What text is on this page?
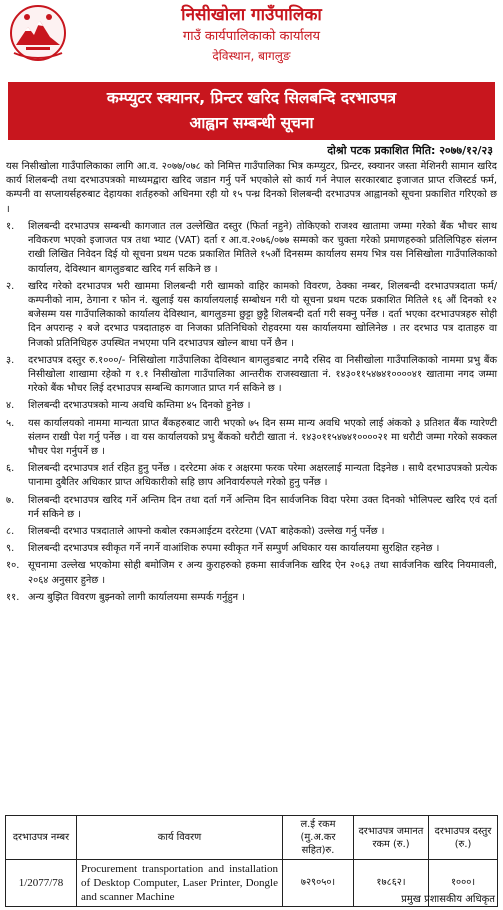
निसीखोला गाउँपालिका
गाउँ कार्यपालिकाको कार्यालय
देविस्थान, बागलुङ
कम्प्युटर स्क्यानर, प्रिन्टर खरिद सिलबन्दि दरभाउपत्र
आह्वान सम्बन्धी सूचना
दोश्रो पटक प्रकाशित मिति: २०७७/१२/२३

यस निसीखोला गाउँपालिकाका लागि आ.व. २०७७/०७८ को निमित्त गाउँपालिका भित्र कम्प्युटर, प्रिन्टर, स्क्यानर जस्ता मेशिनरी सामान खरिद कार्य शिलबन्दी तथा दरभाउपत्रको माध्यमद्वारा खरिद जडान गर्नु पर्ने भएकोले सो कार्य गर्न नेपाल सरकारबाट इजाजत प्राप्त रजिस्टर्ड फर्म, कम्पनी वा सप्लायर्सहरुबाट देहायका शर्तहरुको अधिनमा रही यो १५ पन्ध्र दिनको शिलबन्दी दरभाउपत्र आह्वानको सूचना प्रकाशित गरिएको छ ।

१. शिलबन्दी दरभाउपत्र सम्बन्धी कागजात तल उल्लेखित दस्तुर (फिर्ता नहुने) तोकिएको राजश्व खातामा जम्मा गरेको बैंक भौचर साथ नविकरण भएको इजाजत पत्र तथा भ्याट (VAT) दर्ता र आ.व.२०७६/०७७ सम्मको कर चुक्ता गरेको प्रमाणहरुको प्रतिलिपिहरु संलग्न राखी लिखित निवेदन दिई यो सूचना प्रथम पटक प्रकाशित मितिले १५औं दिनसम्म कार्यालय समय भित्र यस निसिखोला गाउँपालिकाको कार्यालय, देविस्थान बागलुङबाट खरिद गर्न सकिने छ ।
२. खरिद गरेको दरभाउपत्र भरी खाममा शिलबन्दी गरी खामको वाहिर कामको विवरण, ठेक्का नम्बर, शिलबन्दी दरभाउपत्रदाता फर्म/कम्पनीको नाम, ठेगाना र फोन नं. खुलाई यस कार्यालयलाई सम्बोधन गरी यो सूचना प्रथम पटक प्रकाशित मितिले १६ औं दिनको १२ बजेसम्म यस गाउँपालिकाको कार्यालय देविस्थान, बागलुङमा छुट्टा छुट्टै शिलबन्दी दर्ता गरी सक्नु पर्नेछ । दर्ता भएका दरभाउपत्रहरु सोही दिन अपरान्ह २ बजे दरभाउ पत्रदाताहरु वा निजका प्रतिनिधिको रोहवरमा यस कार्यालयमा खोलिनेछ । तर दरभाउ पत्र दाताहरु वा निजको प्रतिनिधिहरु उपस्थित नभएमा पनि दरभाउपत्र खोल्न बाधा पर्ने छैन ।
३. दरभाउपत्र दस्तुर रु.१०००/- निसिखोला गाउँपालिका देविस्थान बागलुङबाट नगदै रसिद वा निसीखोला गाउँपालिकाको नाममा प्रभु बैंक निसीखोला शाखामा रहेको ग १.१ निसीखोला गाउँपालिका आन्तरीक राजस्वखाता नं. १४३०११५४७४१००००४१ खातामा नगद जम्मा गरेको बैंक भौचर लिई दरभाउपत्र सम्बन्धि कागजात प्राप्त गर्न सकिने छ ।
४. शिलबन्दी दरभाउपत्रको मान्य अवधि कम्तिमा ४५ दिनको हुनेछ ।
५. यस कार्यालयको नाममा मान्यता प्राप्त बैंकहरुबाट जारी भएको ७५ दिन सम्म मान्य अवधि भएको लाई अंकको ३ प्रतिशत बैंक ग्यारेण्टी संलग्न राखी पेश गर्नु पर्नेछ । वा यस कार्यालयको प्रभु बैंकको धरौटी खाता नं. १४३०११५४७४१००००२१ मा धरौटी जम्मा गरेको सक्कल भौचर पेश गर्नुपर्ने छ ।
६. शिलबन्दी दरभाउपत्र शर्त रहित हुनु पर्नेछ । दररेटमा अंक र अक्षरमा फरक परेमा अक्षरलाई मान्यता दिइनेछ । साथै दरभाउपत्रको प्रत्येक पानामा दुबैतिर अधिकार प्राप्त अधिकारीको सहि छाप अनिवार्यरुपले गरेको हुनु पर्नेछ ।
७. शिलबन्दी दरभाउपत्र खरिद गर्ने अन्तिम दिन तथा दर्ता गर्ने अन्तिम दिन सार्वजनिक विदा परेमा उक्त दिनको भोलिपल्ट खरिद एवं दर्ता गर्न सकिने छ ।
८. शिलबन्दी दरभाउ पत्रदाताले आफ्नो कबोल रकमआईटम दररेटमा (VAT बाहेकको) उल्लेख गर्नु पर्नेछ ।
९. शिलबन्दी दरभाउपत्र स्वीकृत गर्ने नगर्ने वाआंशिक रुपमा स्वीकृत गर्ने सम्पुर्ण अधिकार यस कार्यालयमा सुरक्षित रहनेछ ।
१०. सूचनामा उल्लेख भएकोमा सोही बमोजिम र अन्य कुराहरुको हकमा सार्वजनिक खरिद ऐन २०६३ तथा सार्वजनिक खरिद नियमावली, २०६४ अनुसार हुनेछ ।
११. अन्य बुझित विवरण बुझ्नको लागी कार्यालयमा सम्पर्क गर्नुहुन ।
दरभाउपत्र नम्बर	कार्य विवरण	ल.ई रकम (मु.अ.कर सहित)रु.	दरभाउपत्र जमानत रकम (रु.)	दरभाउपत्र दस्तुर (रु.)
1/2077/78	Procurement transportation and installation of Desktop Computer, Laser Printer, Dongle and scanner Machine	७२९०५०।	१७८६२।	१०००।
प्रमुख प्रशासकीय अधिकृत
